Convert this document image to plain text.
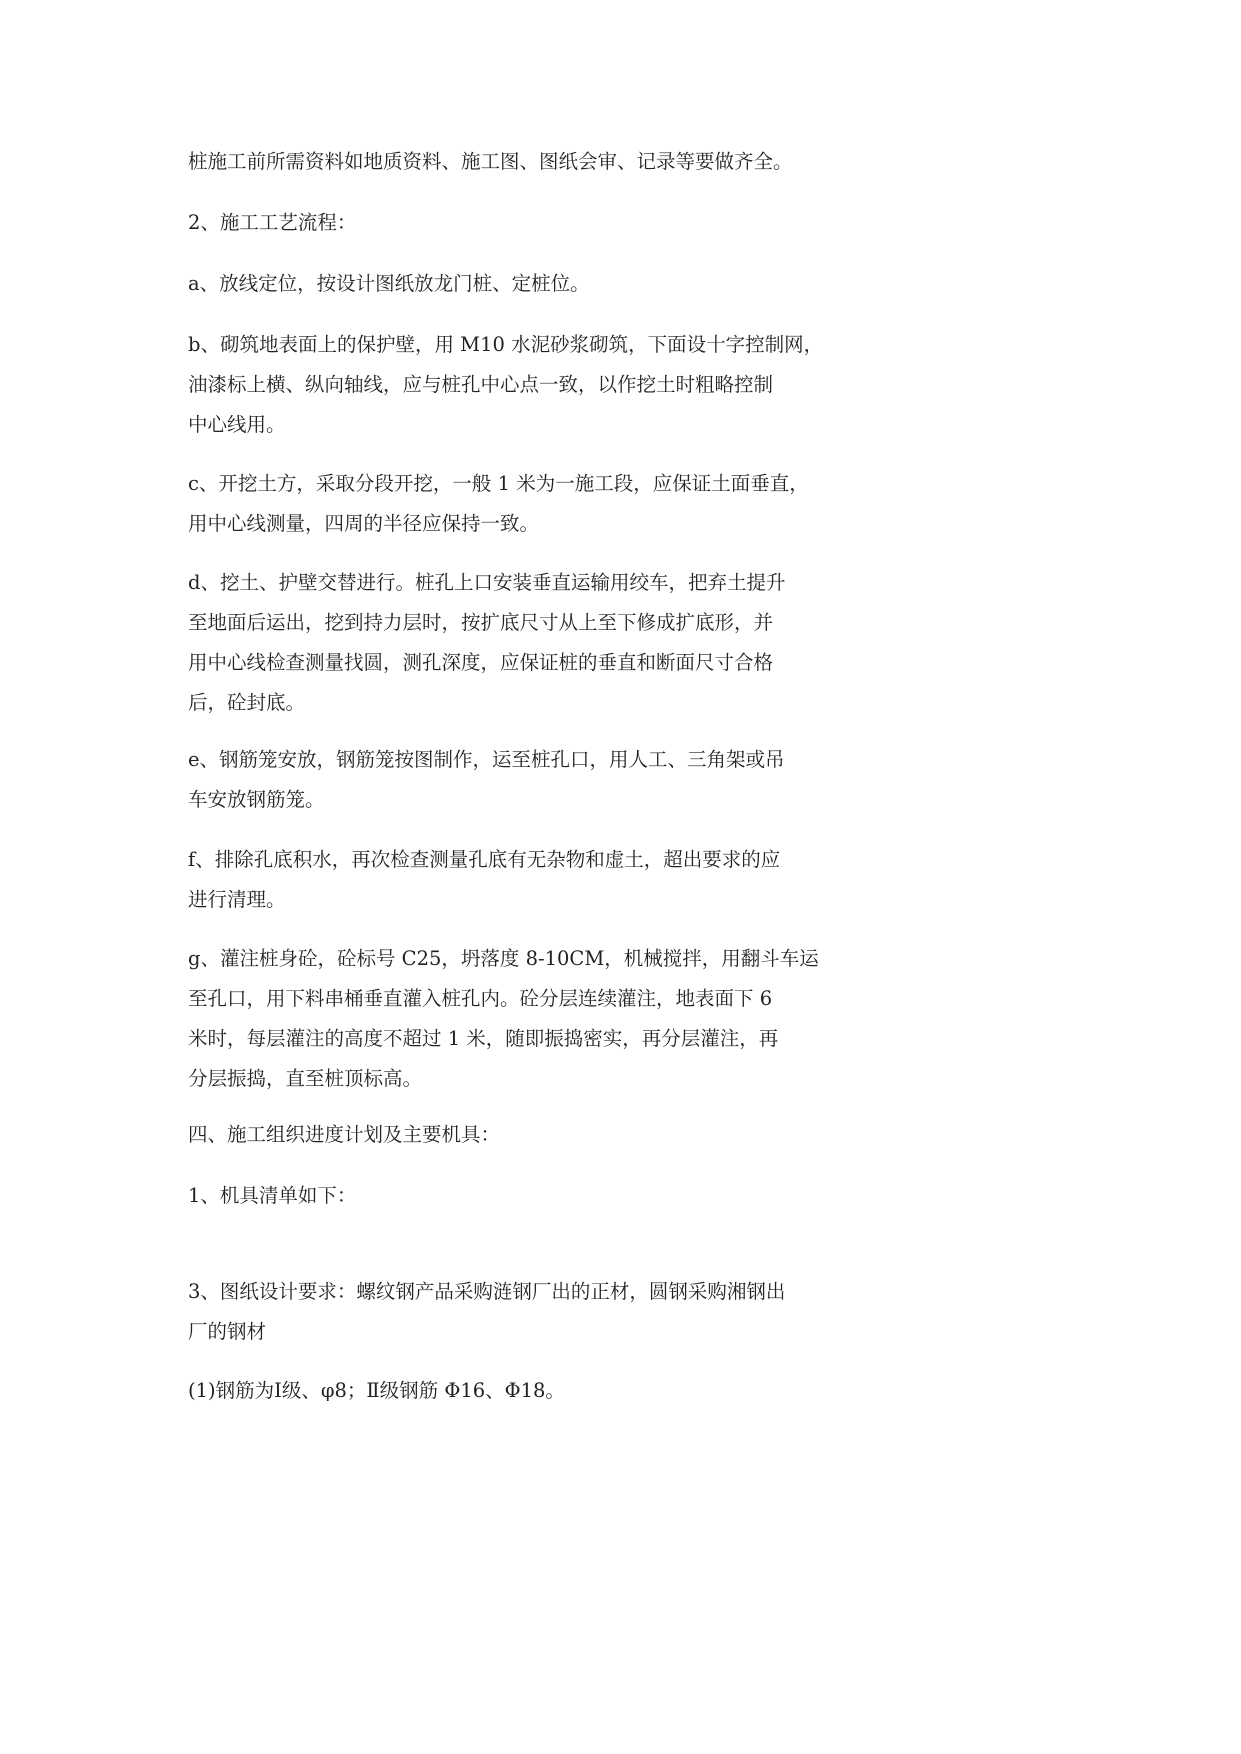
桩施工前所需资料如地质资料、施工图、图纸会审、记录等要做齐全。

2、施工工艺流程：

a、放线定位，按设计图纸放龙门桩、定桩位。

b、砌筑地表面上的保护壁，用 M10 水泥砂浆砌筑，下面设十字控制网，
油漆标上横、纵向轴线，应与桩孔中心点一致，以作挖土时粗略控制
中心线用。

c、开挖土方，采取分段开挖，一般 1 米为一施工段，应保证土面垂直，
用中心线测量，四周的半径应保持一致。

d、挖土、护壁交替进行。桩孔上口安装垂直运输用绞车，把弃土提升
至地面后运出，挖到持力层时，按扩底尺寸从上至下修成扩底形，并
用中心线检查测量找圆，测孔深度，应保证桩的垂直和断面尺寸合格
后，砼封底。

e、钢筋笼安放，钢筋笼按图制作，运至桩孔口，用人工、三角架或吊
车安放钢筋笼。

f、排除孔底积水，再次检查测量孔底有无杂物和虚土，超出要求的应
进行清理。

g、灌注桩身砼，砼标号 C25，坍落度 8-10CM，机械搅拌，用翻斗车运
至孔口，用下料串桶垂直灌入桩孔内。砼分层连续灌注，地表面下 6
米时，每层灌注的高度不超过 1 米，随即振捣密实，再分层灌注，再
分层振捣，直至桩顶标高。

四、施工组织进度计划及主要机具：

1、机具清单如下：

3、图纸设计要求：螺纹钢产品采购涟钢厂出的正材，圆钢采购湘钢出
厂的钢材

(1)钢筋为Ⅰ级、φ8；Ⅱ级钢筋 Φ16、Φ18。
